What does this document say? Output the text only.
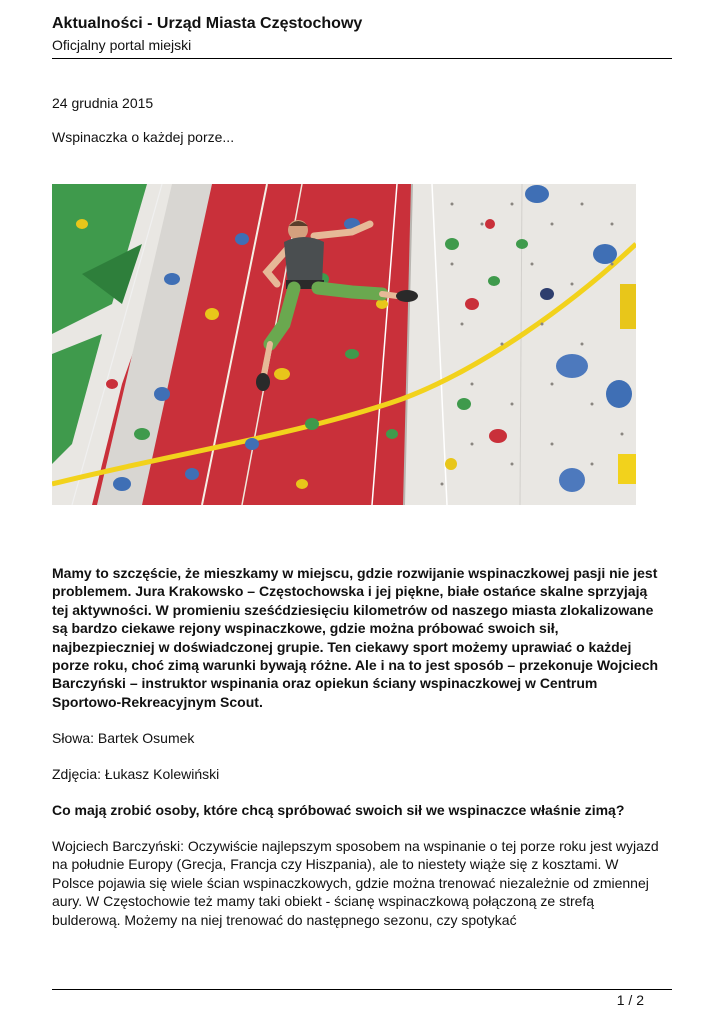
Aktualności - Urząd Miasta Częstochowy
Oficjalny portal miejski
24 grudnia 2015
Wspinaczka o każdej porze...

Mamy to szczęście, że mieszkamy w miejscu, gdzie rozwijanie wspinaczkowej pasji nie jest problemem. Jura Krakowsko – Częstochowska i jej piękne, białe ostańce skalne sprzyjają tej aktywności. W promieniu sześćdziesięciu kilometrów od naszego miasta zlokalizowane są bardzo ciekawe rejony wspinaczkowe, gdzie można próbować swoich sił, najbezpieczniej w doświadczonej grupie. Ten ciekawy sport możemy uprawiać o każdej porze roku, choć zimą warunki bywają różne. Ale i na to jest sposób – przekonuje Wojciech Barczyński – instruktor wspinania oraz opiekun ściany wspinaczkowej w Centrum Sportowo-Rekreacyjnym Scout.

Słowa: Bartek Osumek

Zdjęcia: Łukasz Kolewiński

Co mają zrobić osoby, które chcą spróbować swoich sił we wspinaczce właśnie zimą?

Wojciech Barczyński: Oczywiście najlepszym sposobem na wspinanie o tej porze roku jest wyjazd na południe Europy (Grecja, Francja czy Hiszpania), ale to niestety wiąże się z kosztami. W Polsce pojawia się wiele ścian wspinaczkowych, gdzie można trenować niezależnie od zmiennej aury. W Częstochowie też mamy taki obiekt - ścianę wspinaczkową połączoną ze strefą bulderową. Możemy na niej trenować do następnego sezonu, czy spotykać

1 / 2
